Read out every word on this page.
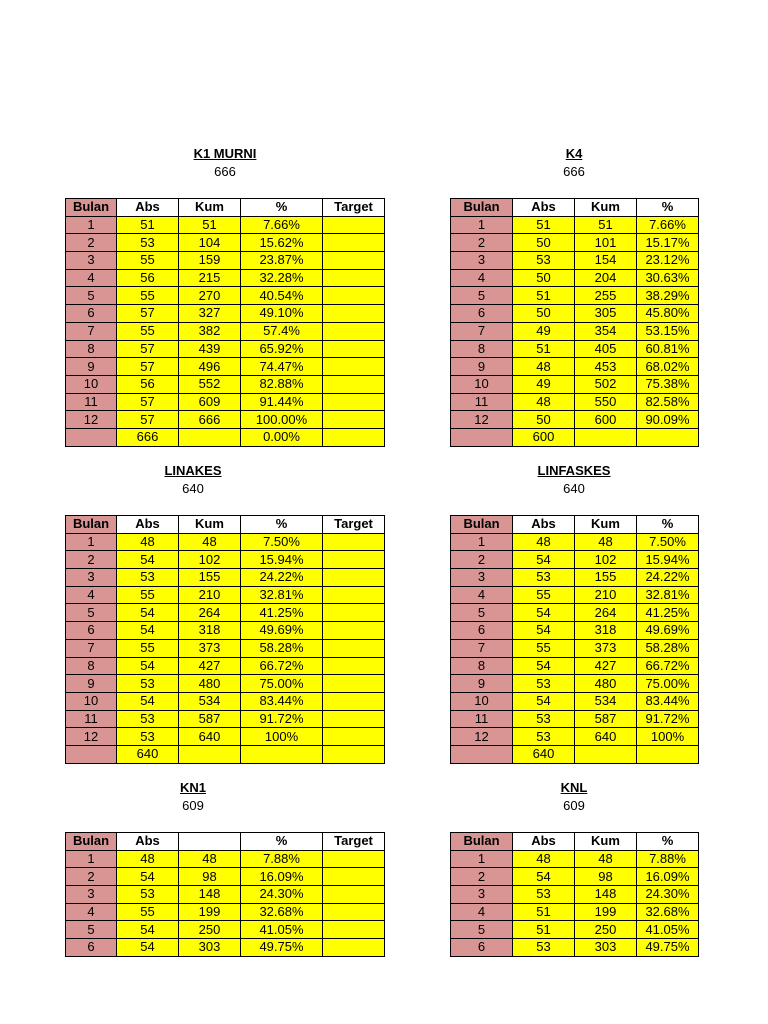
K1 MURNI
666
Bulan	Abs	Kum	%	Target
1	51	51	7.66%	
2	53	104	15.62%	
3	55	159	23.87%	
4	56	215	32.28%	
5	55	270	40.54%	
6	57	327	49.10%	
7	55	382	57.4%	
8	57	439	65.92%	
9	57	496	74.47%	
10	56	552	82.88%	
11	57	609	91.44%	
12	57	666	100.00%	
	666		0.00%	
K4
666
Bulan	Abs	Kum	%
1	51	51	7.66%
2	50	101	15.17%
3	53	154	23.12%
4	50	204	30.63%
5	51	255	38.29%
6	50	305	45.80%
7	49	354	53.15%
8	51	405	60.81%
9	48	453	68.02%
10	49	502	75.38%
11	48	550	82.58%
12	50	600	90.09%
	600		
LINAKES
640
Bulan	Abs	Kum	%	Target
1	48	48	7.50%	
2	54	102	15.94%	
3	53	155	24.22%	
4	55	210	32.81%	
5	54	264	41.25%	
6	54	318	49.69%	
7	55	373	58.28%	
8	54	427	66.72%	
9	53	480	75.00%	
10	54	534	83.44%	
11	53	587	91.72%	
12	53	640	100%	
	640			
LINFASKES
640
Bulan	Abs	Kum	%
1	48	48	7.50%
2	54	102	15.94%
3	53	155	24.22%
4	55	210	32.81%
5	54	264	41.25%
6	54	318	49.69%
7	55	373	58.28%
8	54	427	66.72%
9	53	480	75.00%
10	54	534	83.44%
11	53	587	91.72%
12	53	640	100%
	640		
KN1
609
Bulan	Abs		%	Target
1	48	48	7.88%	
2	54	98	16.09%	
3	53	148	24.30%	
4	55	199	32.68%	
5	54	250	41.05%	
6	54	303	49.75%	
KNL
609
Bulan	Abs	Kum	%
1	48	48	7.88%
2	54	98	16.09%
3	53	148	24.30%
4	51	199	32.68%
5	51	250	41.05%
6	53	303	49.75%
